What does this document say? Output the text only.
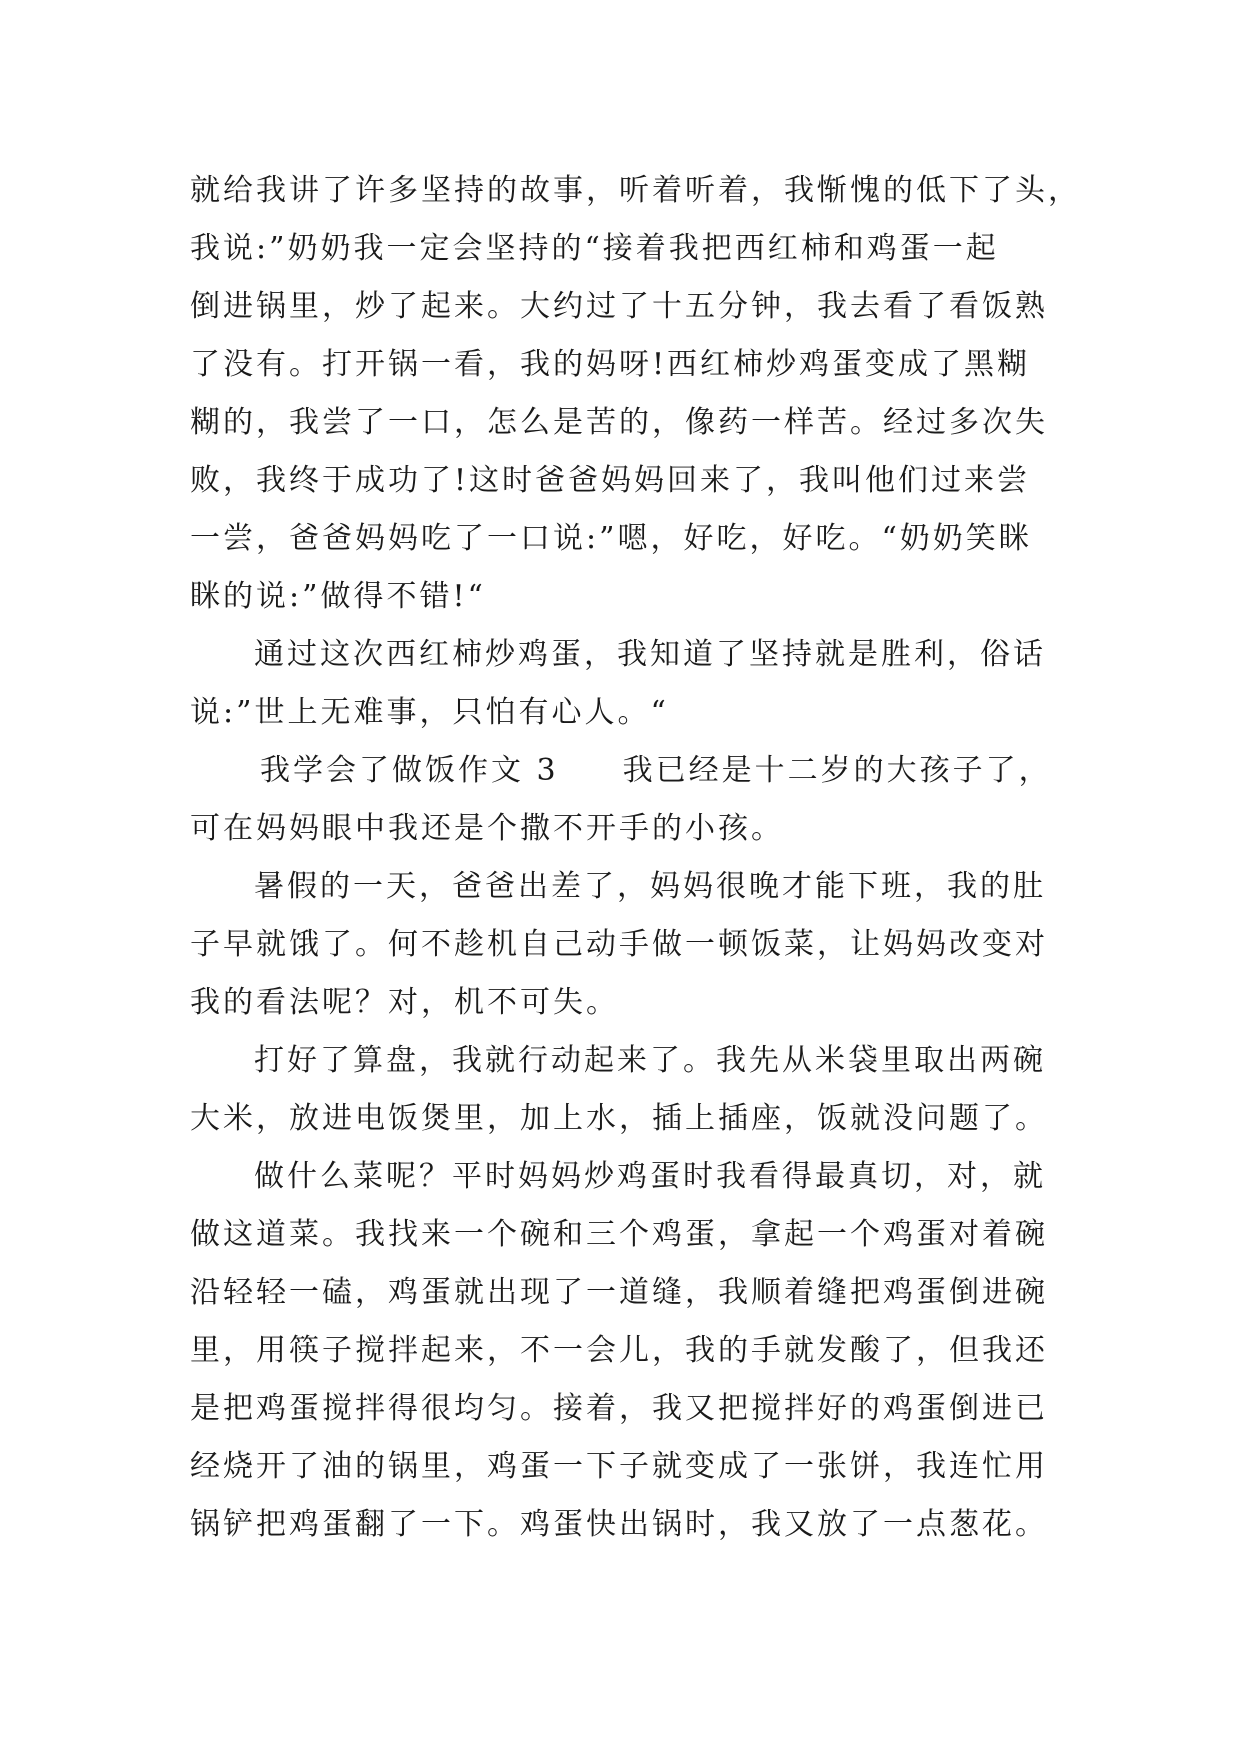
就给我讲了许多坚持的故事，听着听着，我惭愧的低下了头，
我说:”奶奶我一定会坚持的“接着我把西红柿和鸡蛋一起
倒进锅里，炒了起来。大约过了十五分钟，我去看了看饭熟
了没有。打开锅一看，我的妈呀!西红柿炒鸡蛋变成了黑糊
糊的，我尝了一口，怎么是苦的，像药一样苦。经过多次失
败，我终于成功了!这时爸爸妈妈回来了，我叫他们过来尝
一尝，爸爸妈妈吃了一口说:”嗯，好吃，好吃。“奶奶笑眯
眯的说:”做得不错!“
通过这次西红柿炒鸡蛋，我知道了坚持就是胜利，俗话
说:”世上无难事，只怕有心人。“
我学会了做饭作文 3 我已经是十二岁的大孩子了，
可在妈妈眼中我还是个撒不开手的小孩。
暑假的一天，爸爸出差了，妈妈很晚才能下班，我的肚
子早就饿了。何不趁机自己动手做一顿饭菜，让妈妈改变对
我的看法呢？对，机不可失。
打好了算盘，我就行动起来了。我先从米袋里取出两碗
大米，放进电饭煲里，加上水，插上插座，饭就没问题了。
做什么菜呢？平时妈妈炒鸡蛋时我看得最真切，对，就
做这道菜。我找来一个碗和三个鸡蛋，拿起一个鸡蛋对着碗
沿轻轻一磕，鸡蛋就出现了一道缝，我顺着缝把鸡蛋倒进碗
里，用筷子搅拌起来，不一会儿，我的手就发酸了，但我还
是把鸡蛋搅拌得很均匀。接着，我又把搅拌好的鸡蛋倒进已
经烧开了油的锅里，鸡蛋一下子就变成了一张饼，我连忙用
锅铲把鸡蛋翻了一下。鸡蛋快出锅时，我又放了一点葱花。
